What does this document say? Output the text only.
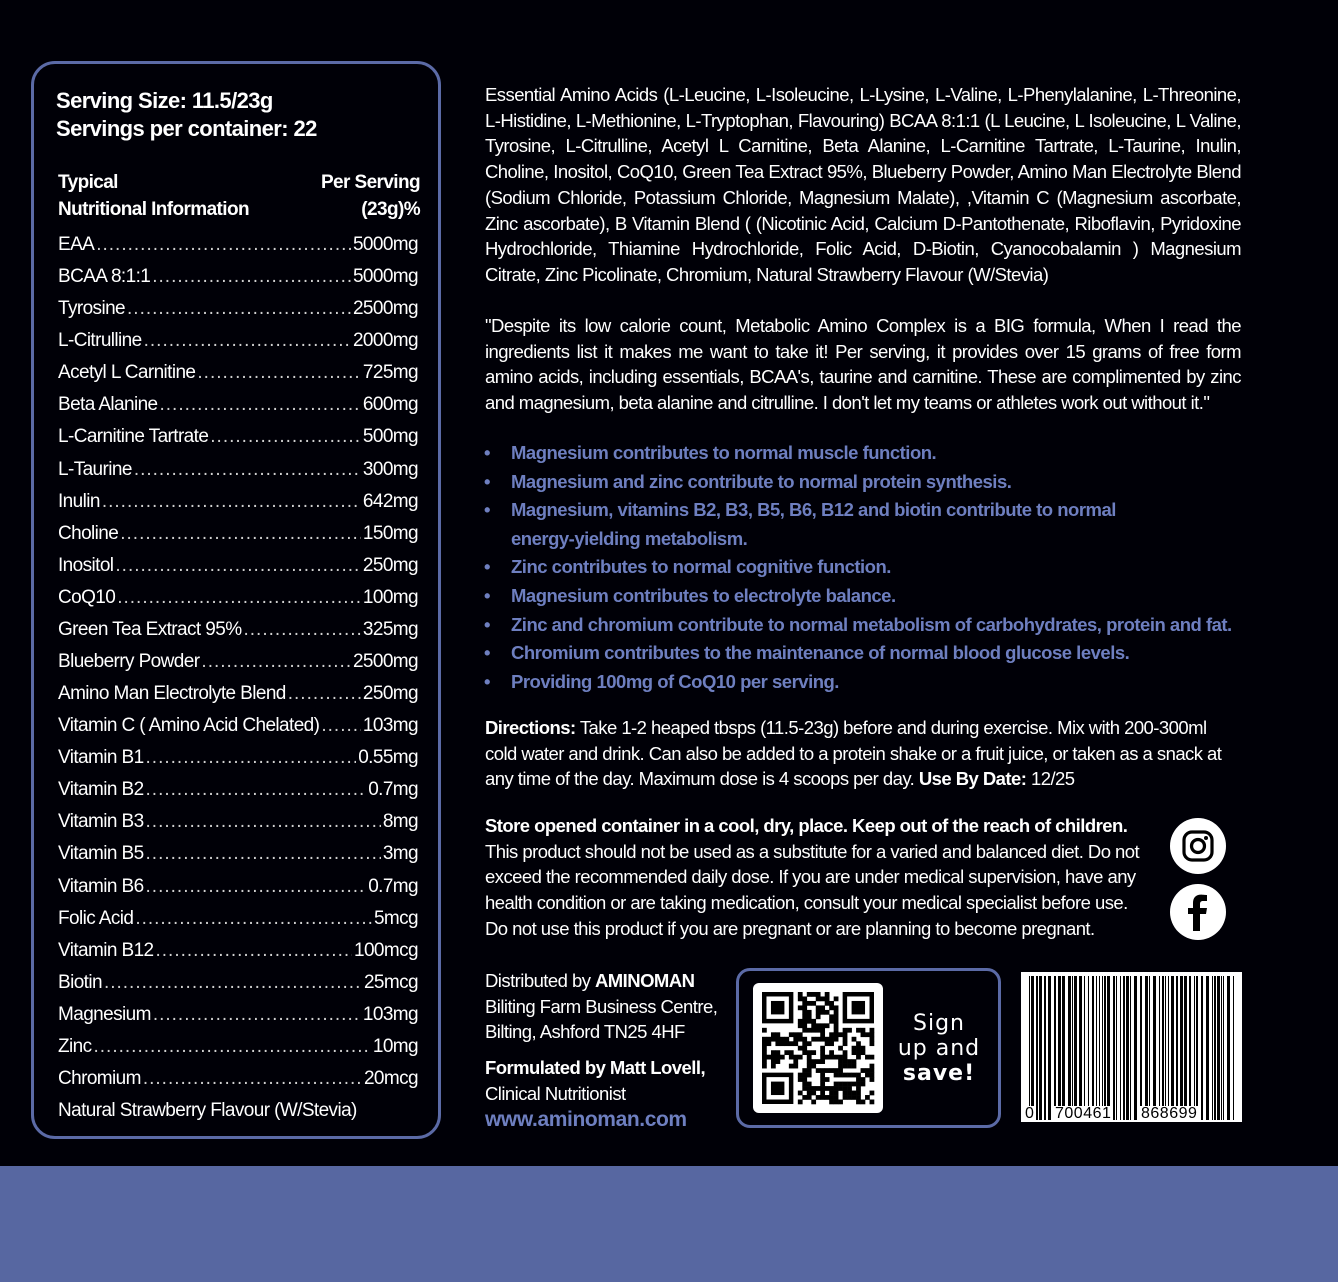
Serving Size: 11.5/23g
Servings per container: 22
Typical
Nutritional Information
Per Serving
(23g)%
EAA .....	5000mg
BCAA 8:1:1 .....	5000mg
Tyrosine .....	2500mg
L-Citrulline .....	2000mg
Acetyl L Carnitine .....	725mg
Beta Alanine .....	600mg
L-Carnitine Tartrate .....	500mg
L-Taurine .....	300mg
Inulin .....	642mg
Choline .....	150mg
Inositol .....	250mg
CoQ10 .....	100mg
Green Tea Extract 95% .....	325mg
Blueberry Powder .....	2500mg
Amino Man Electrolyte Blend .....	250mg
Vitamin C ( Amino Acid Chelated) ..... 103mg
Vitamin B1 .....	0.55mg
Vitamin B2 .....	0.7mg
Vitamin B3 .....	8mg
Vitamin B5 .....	3mg
Vitamin B6 .....	0.7mg
Folic Acid .....	5mcg
Vitamin B12 .....	100mcg
Biotin .....	25mcg
Magnesium .....	103mg
Zinc .....	10mg
Chromium .....	20mcg
Natural Strawberry Flavour (W/Stevia)
Essential Amino Acids (L-Leucine, L-Isoleucine, L-Lysine, L-Valine, L-Phenylalanine, L-Threonine, L-Histidine, L-Methionine, L-Tryptophan, Flavouring) BCAA 8:1:1 (L Leucine, L Isoleucine, L Valine, Tyrosine, L-Citrulline, Acetyl L Carnitine, Beta Alanine, L-Carnitine Tartrate, L-Taurine, Inulin, Choline, Inositol, CoQ10, Green Tea Extract 95%, Blueberry Powder, Amino Man Electrolyte Blend (Sodium Chloride, Potassium Chloride, Magnesium Malate), ,Vitamin C (Magnesium ascorbate, Zinc ascorbate), B Vitamin Blend ( (Nicotinic Acid, Calcium D-Pantothenate, Riboflavin, Pyridoxine Hydrochloride, Thiamine Hydrochloride, Folic Acid, D-Biotin, Cyanocobalamin ) Magnesium Citrate, Zinc Picolinate, Chromium, Natural Strawberry Flavour (W/Stevia)
"Despite its low calorie count, Metabolic Amino Complex is a BIG formula, When I read the ingredients list it makes me want to take it! Per serving, it provides over 15 grams of free form amino acids, including essentials, BCAA's, taurine and carnitine. These are complimented by zinc and magnesium, beta alanine and citrulline. I don't let my teams or athletes work out without it."
• Magnesium contributes to normal muscle function.
• Magnesium and zinc contribute to normal protein synthesis.
• Magnesium, vitamins B2, B3, B5, B6, B12 and biotin contribute to normal
energy-yielding metabolism.
• Zinc contributes to normal cognitive function.
• Magnesium contributes to electrolyte balance.
• Zinc and chromium contribute to normal metabolism of carbohydrates, protein and fat.
• Chromium contributes to the maintenance of normal blood glucose levels.
• Providing 100mg of CoQ10 per serving.
Directions: Take 1-2 heaped tbsps (11.5-23g) before and during exercise. Mix with 200-300ml cold water and drink. Can also be added to a protein shake or a fruit juice, or taken as a snack at any time of the day. Maximum dose is 4 scoops per day. Use By Date: 12/25
Store opened container in a cool, dry, place. Keep out of the reach of children. This product should not be used as a substitute for a varied and balanced diet. Do not exceed the recommended daily dose. If you are under medical supervision, have any health condition or are taking medication, consult your medical specialist before use. Do not use this product if you are pregnant or are planning to become pregnant.
Distributed by AMINOMAN
Biliting Farm Business Centre,
Bilting, Ashford TN25 4HF
Formulated by Matt Lovell,
Clinical Nutritionist
www.aminoman.com
Sign
up and
save!
0 700461 868699
